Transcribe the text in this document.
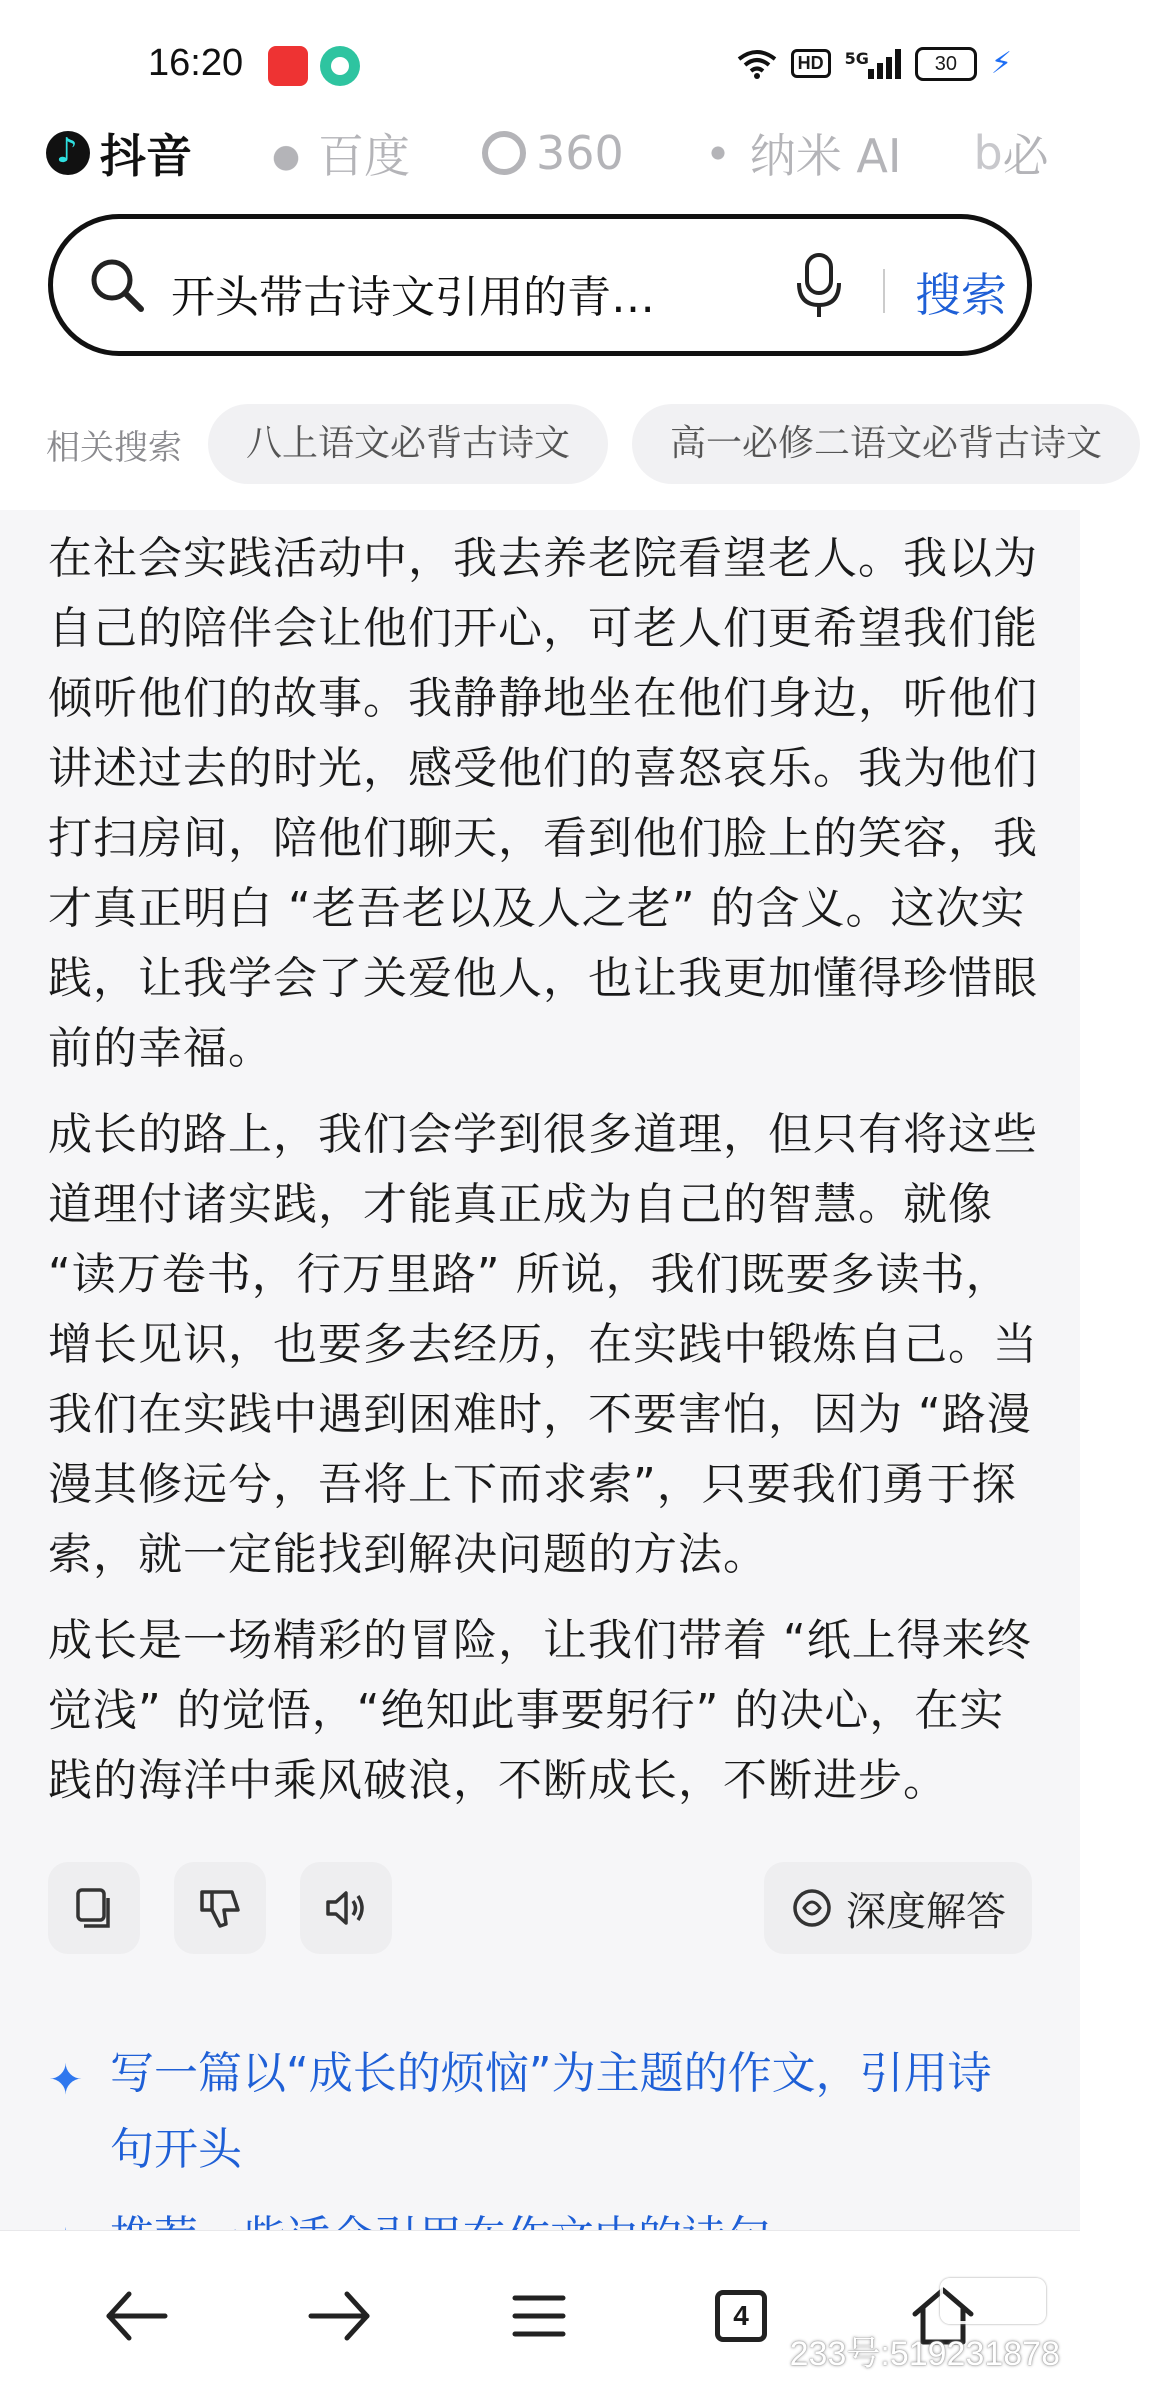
16:20	HD	5G	30	⚡
♪
抖音	百度	360	纳米 AI b 必
开头带古诗文引用的青…	搜索
相关搜索	八上语文必背古诗文	高一必修二语文必背古诗文
在社会实践活动中，我去养老院看望老人。我以为自己的陪伴会让他们开心，可老人们更希望我们能倾听他们的故事。我静静地坐在他们身边，听他们讲述过去的时光，感受他们的喜怒哀乐。我为他们打扫房间，陪他们聊天，看到他们脸上的笑容，我才真正明白 “老吾老以及人之老” 的含义。这次实践，让我学会了关爱他人，也让我更加懂得珍惜眼前的幸福。
成长的路上，我们会学到很多道理，但只有将这些道理付诸实践，才能真正成为自己的智慧。就像 “读万卷书，行万里路” 所说，我们既要多读书，增长见识，也要多去经历，在实践中锻炼自己。当我们在实践中遇到困难时，不要害怕，因为 “路漫漫其修远兮，吾将上下而求索”，只要我们勇于探索，就一定能找到解决问题的方法。
成长是一场精彩的冒险，让我们带着 “纸上得来终觉浅” 的觉悟，“绝知此事要躬行” 的决心，在实践的海洋中乘风破浪，不断成长，不断进步。
深度解答
✦ 写一篇以“成长的烦恼”为主题的作文，引用诗句开头
4
233号:519231878
